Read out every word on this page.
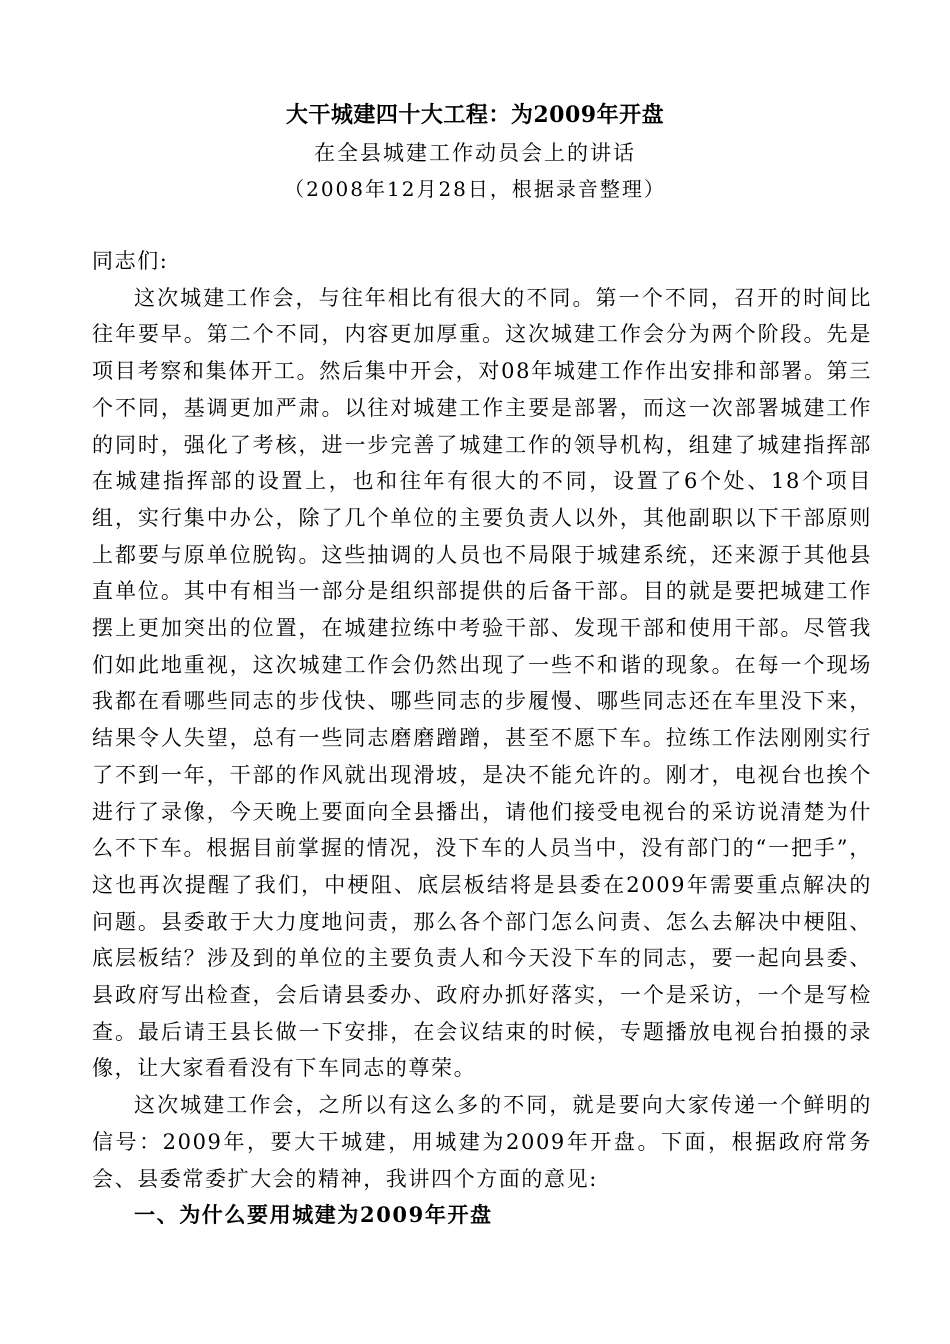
大干城建四十大工程：为2009年开盘
在全县城建工作动员会上的讲话
（2008年12月28日，根据录音整理）

同志们:

这次城建工作会，与往年相比有很大的不同。第一个不同，召开的时间比往年要早。第二个不同，内容更加厚重。这次城建工作会分为两个阶段。先是项目考察和集体开工。然后集中开会，对08年城建工作作出安排和部署。第三个不同，基调更加严肃。以往对城建工作主要是部署，而这一次部署城建工作的同时，强化了考核，进一步完善了城建工作的领导机构，组建了城建指挥部在城建指挥部的设置上，也和往年有很大的不同，设置了6个处、18个项目组，实行集中办公，除了几个单位的主要负责人以外，其他副职以下干部原则上都要与原单位脱钩。这些抽调的人员也不局限于城建系统，还来源于其他县直单位。其中有相当一部分是组织部提供的后备干部。目的就是要把城建工作摆上更加突出的位置，在城建拉练中考验干部、发现干部和使用干部。尽管我们如此地重视，这次城建工作会仍然出现了一些不和谐的现象。在每一个现场我都在看哪些同志的步伐快、哪些同志的步履慢、哪些同志还在车里没下来，结果令人失望，总有一些同志磨磨蹭蹭，甚至不愿下车。拉练工作法刚刚实行了不到一年，干部的作风就出现滑坡，是决不能允许的。刚才，电视台也挨个进行了录像，今天晚上要面向全县播出，请他们接受电视台的采访说清楚为什么不下车。根据目前掌握的情况，没下车的人员当中，没有部门的“一把手”，这也再次提醒了我们，中梗阻、底层板结将是县委在2009年需要重点解决的问题。县委敢于大力度地问责，那么各个部门怎么问责、怎么去解决中梗阻、底层板结？涉及到的单位的主要负责人和今天没下车的同志，要一起向县委、县政府写出检查，会后请县委办、政府办抓好落实，一个是采访，一个是写检查。最后请王县长做一下安排，在会议结束的时候，专题播放电视台拍摄的录像，让大家看看没有下车同志的尊荣。

这次城建工作会，之所以有这么多的不同，就是要向大家传递一个鲜明的信号：2009年，要大干城建，用城建为2009年开盘。下面，根据政府常务会、县委常委扩大会的精神，我讲四个方面的意见:

一、为什么要用城建为2009年开盘
